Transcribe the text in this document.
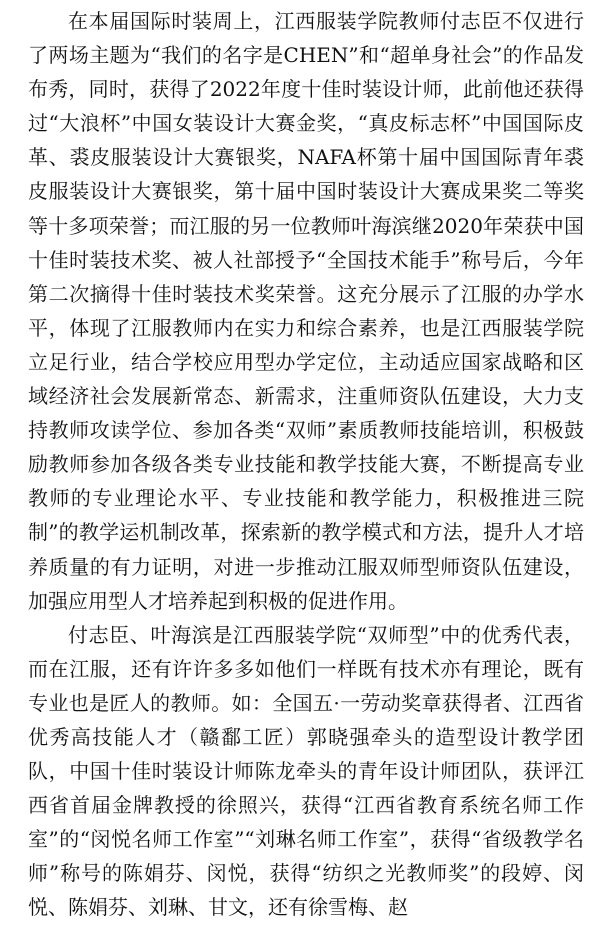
在本届国际时装周上，江西服装学院教师付志臣不仅进行了两场主题为“我们的名字是CHEN”和“超单身社会”的作品发布秀，同时，获得了2022年度十佳时装设计师，此前他还获得过“大浪杯”中国女装设计大赛金奖，“真皮标志杯”中国国际皮革、裘皮服装设计大赛银奖，NAFA杯第十届中国国际青年裘皮服装设计大赛银奖，第十届中国时装设计大赛成果奖二等奖等十多项荣誉；而江服的另一位教师叶海滨继2020年荣获中国十佳时装技术奖、被人社部授予“全国技术能手”称号后，今年第二次摘得十佳时装技术奖荣誉。这充分展示了江服的办学水平，体现了江服教师内在实力和综合素养，也是江西服装学院立足行业，结合学校应用型办学定位，主动适应国家战略和区域经济社会发展新常态、新需求，注重师资队伍建设，大力支持教师攻读学位、参加各类“双师”素质教师技能培训，积极鼓励教师参加各级各类专业技能和教学技能大赛，不断提高专业教师的专业理论水平、专业技能和教学能力，积极推进三院制”的教学运机制改革，探索新的教学模式和方法，提升人才培养质量的有力证明，对进一步推动江服双师型师资队伍建设，加强应用型人才培养起到积极的促进作用。

付志臣、叶海滨是江西服装学院“双师型”中的优秀代表，而在江服，还有许许多多如他们一样既有技术亦有理论，既有专业也是匠人的教师。如：全国五·一劳动奖章获得者、江西省优秀高技能人才（赣鄱工匠）郭晓强牵头的造型设计教学团队，中国十佳时装设计师陈龙牵头的青年设计师团队，获评江西省首届金牌教授的徐照兴，获得“江西省教育系统名师工作室”的“闵悦名师工作室”“刘琳名师工作室”，获得“省级教学名师”称号的陈娟芬、闵悦，获得“纺织之光教师奖”的段婷、闵悦、陈娟芬、刘琳、甘文，还有徐雪梅、赵
